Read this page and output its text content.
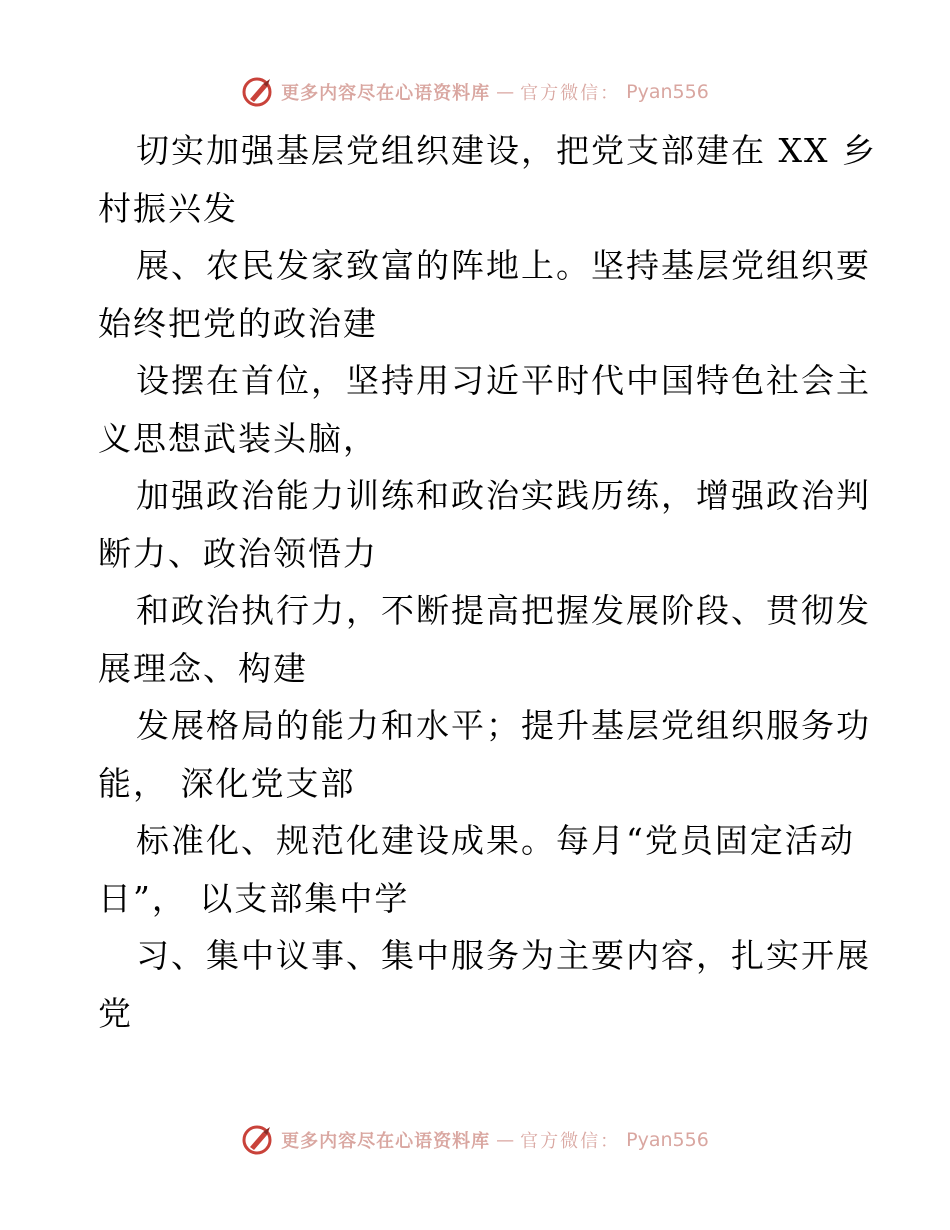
更多内容尽在心语资料库 — 官方微信： Pyan556
切实加强基层党组织建设，把党支部建在 XX 乡
村振兴发
展、农民发家致富的阵地上。坚持基层党组织要
始终把党的政治建
设摆在首位，坚持用习近平时代中国特色社会主
义思想武装头脑，
加强政治能力训练和政治实践历练，增强政治判
断力、政治领悟力
和政治执行力，不断提高把握发展阶段、贯彻发
展理念、构建
发展格局的能力和水平；提升基层党组织服务功
能， 深化党支部
标准化、规范化建设成果。每月“党员固定活动
日”， 以支部集中学
习、集中议事、集中服务为主要内容，扎实开展
党
更多内容尽在心语资料库 — 官方微信： Pyan556
